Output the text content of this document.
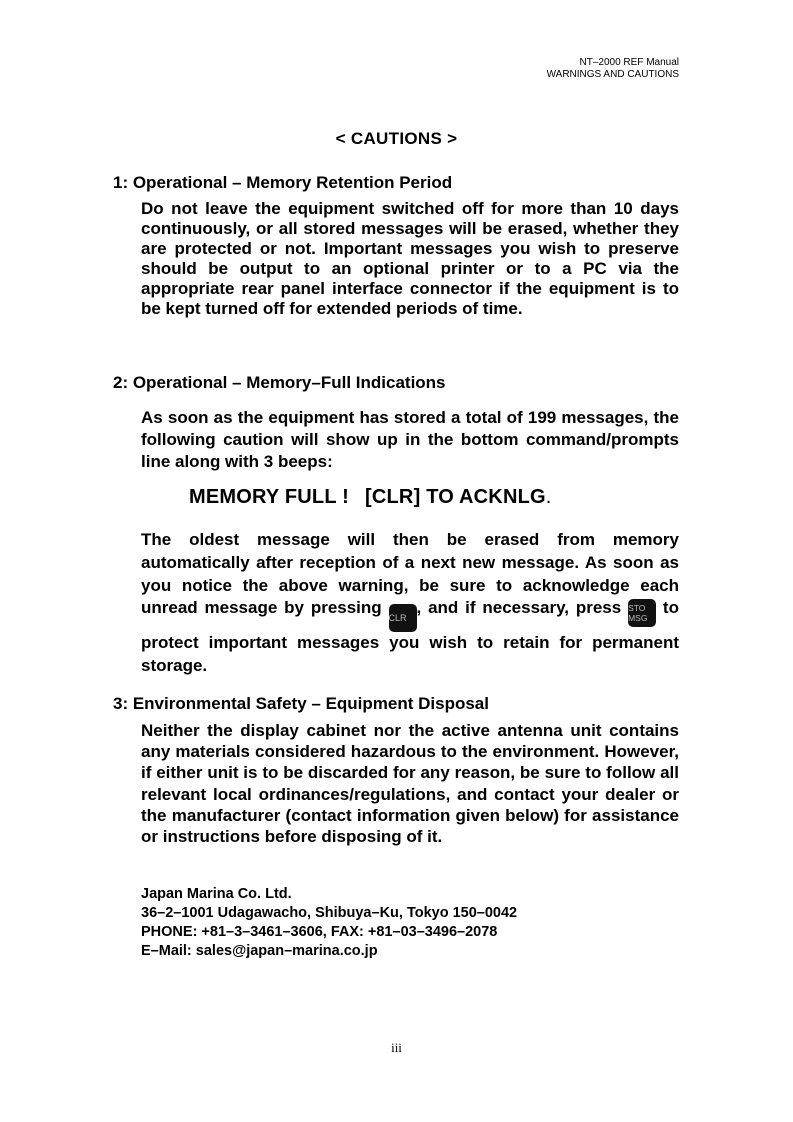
NT–2000 REF Manual
WARNINGS AND CAUTIONS
< CAUTIONS >
1: Operational – Memory Retention Period
Do not leave the equipment switched off for more than 10 days continuously, or all stored messages will be erased, whether they are protected or not. Important messages you wish to preserve should be output to an optional printer or to a PC via the appropriate rear panel interface connector if the equipment is to be kept turned off for extended periods of time.
2: Operational – Memory–Full Indications
As soon as the equipment has stored a total of 199 messages, the following caution will show up in the bottom command/prompts line along with 3 beeps:
MEMORY FULL ! [CLR] TO ACKNLG.
The oldest message will then be erased from memory automatically after reception of a next new message. As soon as you notice the above warning, be sure to acknowledge each unread message by pressing CLR, and if necessary, press STO
MSG to protect important messages you wish to retain for permanent storage.
3: Environmental Safety – Equipment Disposal
Neither the display cabinet nor the active antenna unit contains any materials considered hazardous to the environment. However, if either unit is to be discarded for any reason, be sure to follow all relevant local ordinances/regulations, and contact your dealer or the manufacturer (contact information given below) for assistance or instructions before disposing of it.
Japan Marina Co. Ltd.
36–2–1001 Udagawacho, Shibuya–Ku, Tokyo 150–0042
PHONE: +81–3–3461–3606, FAX: +81–03–3496–2078
E–Mail: sales@japan–marina.co.jp
iii
